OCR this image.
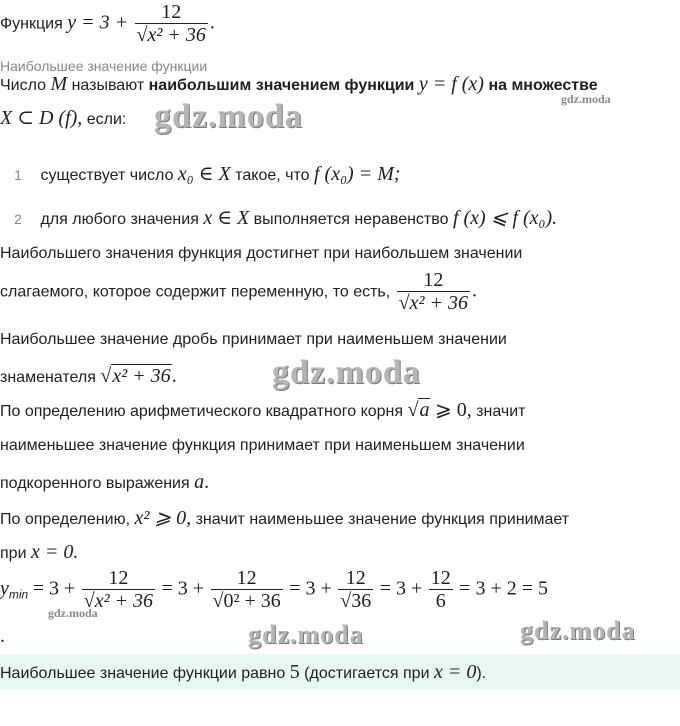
Функция $y = 3 + \frac{12}{\text{√x² + 36}}$ .
Наибольшее значение функции
Число M называют наибольшим значением функции y = f (x) на множестве
X ⊂ D (f), если:
1 существует число x₀ ∈ X такое, что f (x₀) = M;
2 для любого значения x ∈ X выполняется неравенство f (x) ⩽ f (x₀).
Наибольшего значения функция достигнет при наибольшем значении
слагаемого, которое содержит переменную, то есть, $\frac{12}{\text{√x² + 36}}$ .
Наибольшее значение дробь принимает при наименьшем значении
знаменателя √x² + 36.
По определению арифметического квадратного корня √a ⩾ 0, значит
наименьшее значение функция принимает при наименьшем значении
подкоренного выражения a.
По определению, x² ⩾ 0, значит наименьшее значение функция принимает
при x = 0.
$y_{min} = 3 + \frac{12}{\text{√x² + 36}} = 3 + \frac{12}{\text{√0² + 36}} = 3 + \frac{12}{√36} = 3 + \frac{12}{6} = 3 + 2 = 5$
.
Наибольшее значение функции равно 5 (достигается при x = 0).
gdz.moda
gdz.moda
gdz.moda
gdz.moda
gdz.moda	gdz.moda
